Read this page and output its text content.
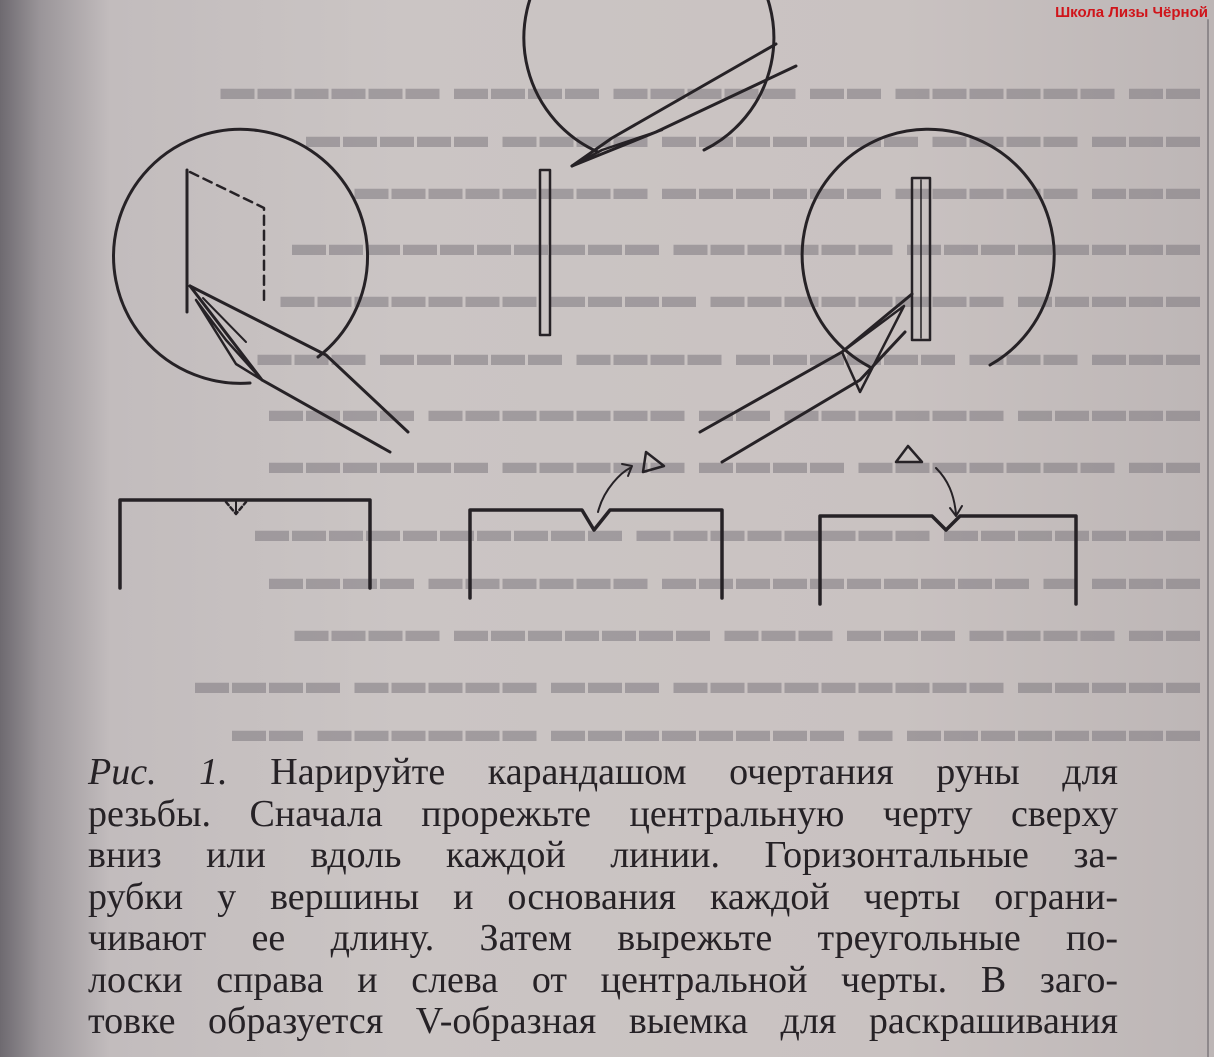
▬▬ ▬▬▬▬▬▬ ▬▬ ▬▬▬▬▬ ▬▬▬▬ ▬▬▬▬▬▬
▬▬▬ ▬▬▬▬ ▬▬▬▬▬▬▬ ▬▬▬▬ ▬▬▬▬▬
▬▬▬ ▬▬▬▬▬ ▬▬▬▬▬▬ ▬▬▬▬▬▬▬▬
▬▬▬▬▬▬▬▬ ▬▬▬▬▬▬ ▬▬▬▬▬▬▬▬▬▬
▬▬▬▬▬ ▬▬▬▬▬▬▬▬ ▬▬▬▬ ▬▬▬▬▬▬▬
▬▬▬ ▬▬▬ ▬▬▬▬▬▬ ▬▬▬▬ ▬▬▬▬▬ ▬▬▬
▬▬▬▬▬ ▬▬▬▬▬▬ ▬▬ ▬▬▬▬▬▬▬ ▬▬▬▬
▬▬ ▬▬▬▬▬▬▬ ▬▬▬▬ ▬▬▬▬▬ ▬▬▬▬▬▬
▬▬▬▬▬▬▬ ▬▬▬▬▬▬▬▬ ▬▬▬▬▬▬▬▬▬▬
▬▬▬ ▬ ▬▬▬▬▬▬▬▬▬▬ ▬▬▬▬▬▬ ▬▬▬▬
▬▬ ▬▬▬▬ ▬▬▬ ▬▬▬ ▬▬▬▬▬▬▬ ▬▬▬▬
▬▬▬▬▬ ▬▬▬▬▬▬▬▬▬ ▬▬▬ ▬▬▬▬▬ ▬▬▬▬
▬▬▬▬▬▬▬▬ ▬ ▬▬▬▬▬▬▬▬ ▬▬▬▬▬▬ ▬▬
Школа Лизы Чёрной
Рис. 1. Нарируйте карандашом очертания руны для
резьбы. Сначала прорежьте центральную черту сверху
вниз или вдоль каждой линии. Горизонтальные за-
рубки у вершины и основания каждой черты ограни-
чивают ее длину. Затем вырежьте треугольные по-
лоски справа и слева от центральной черты. В заго-
товке образуется V-образная выемка для раскрашивания
